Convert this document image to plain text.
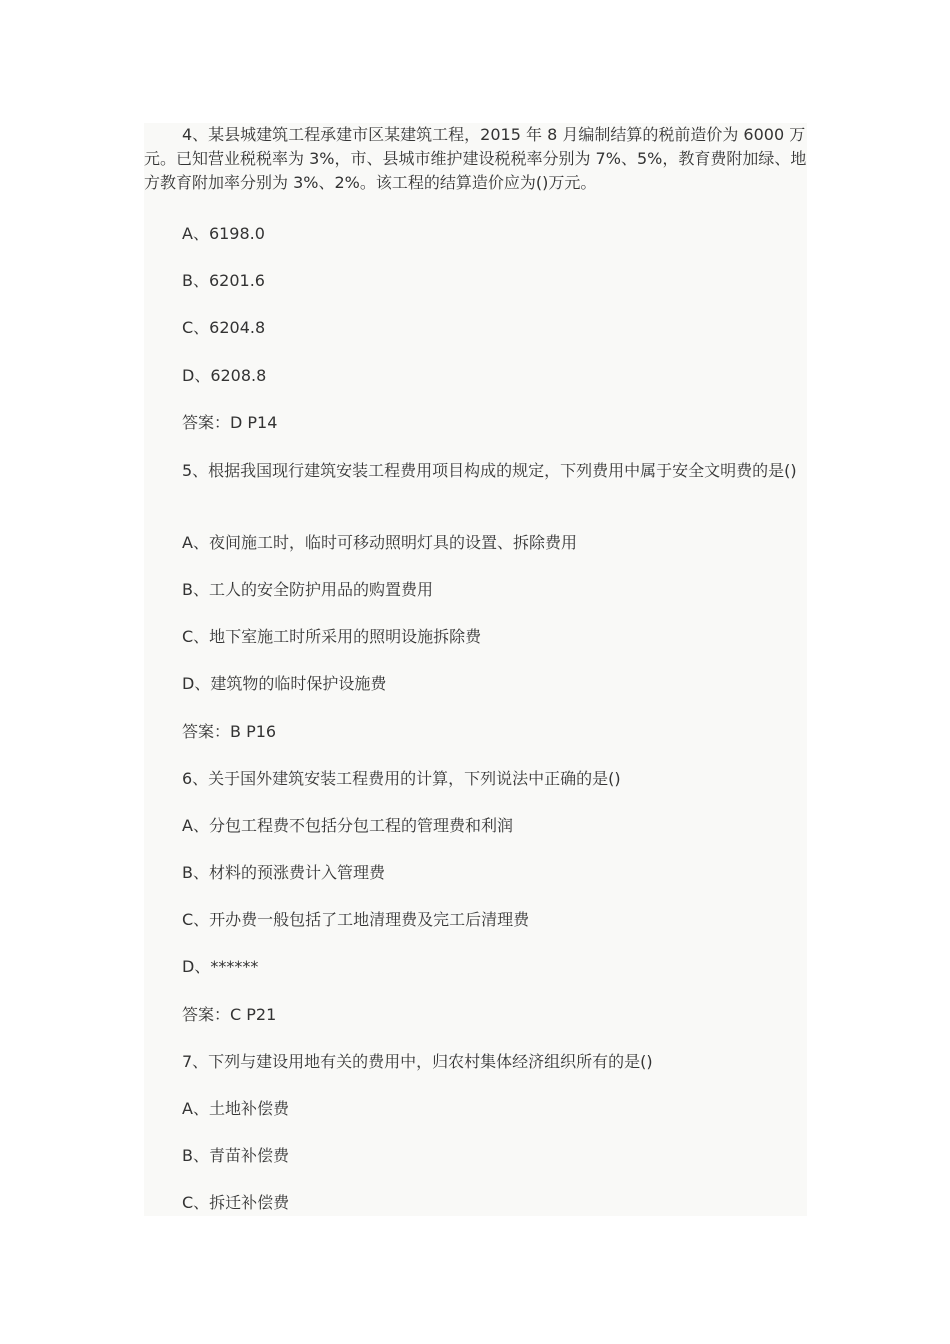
4、某县城建筑工程承建市区某建筑工程，2015 年 8 月编制结算的税前造价为 6000 万元。已知营业税税率为 3%，市、县城市维护建设税税率分别为 7%、5%，教育费附加绿、地方教育附加率分别为 3%、2%。该工程的结算造价应为()万元。

A、6198.0
B、6201.6
C、6204.8
D、6208.8
答案：D P14

5、根据我国现行建筑安装工程费用项目构成的规定，下列费用中属于安全文明费的是()

A、夜间施工时，临时可移动照明灯具的设置、拆除费用
B、工人的安全防护用品的购置费用
C、地下室施工时所采用的照明设施拆除费
D、建筑物的临时保护设施费
答案：B P16
6、关于国外建筑安装工程费用的计算，下列说法中正确的是()
A、分包工程费不包括分包工程的管理费和利润
B、材料的预涨费计入管理费
C、开办费一般包括了工地清理费及完工后清理费
D、******
答案：C P21
7、下列与建设用地有关的费用中，归农村集体经济组织所有的是()
A、土地补偿费
B、青苗补偿费
C、拆迁补偿费
